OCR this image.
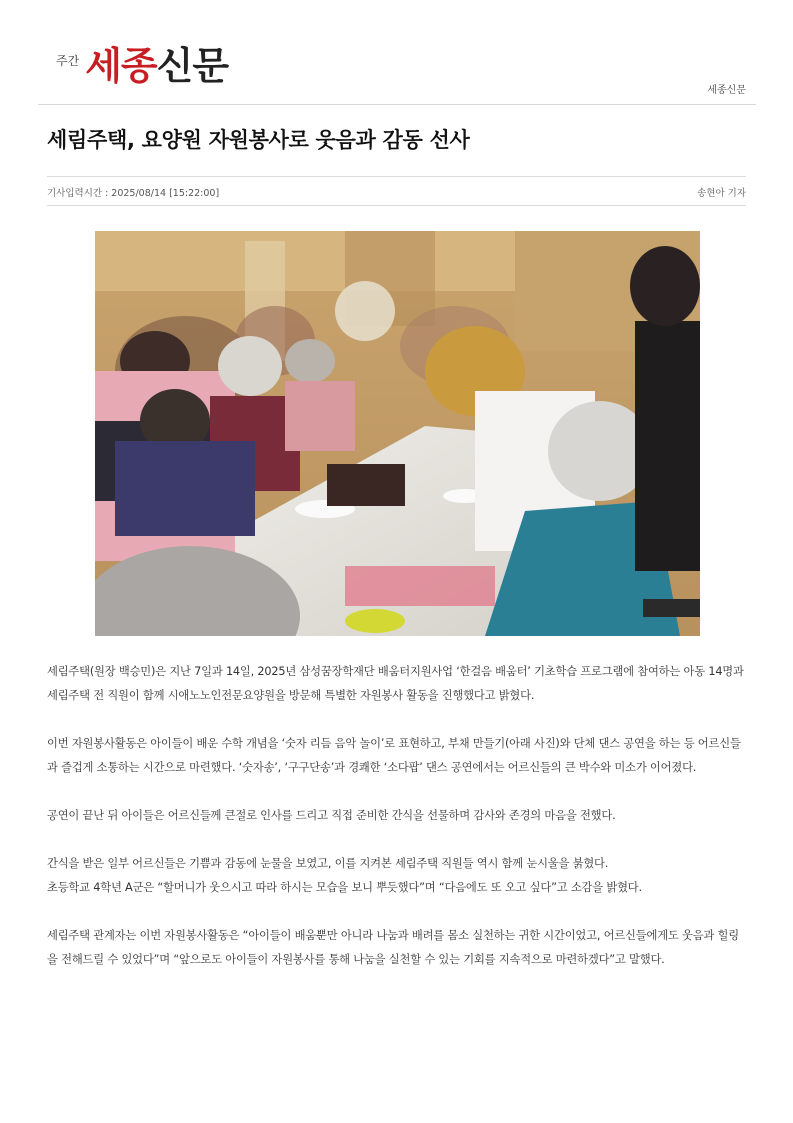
주간 세종신문
세종신문
세림주택, 요양원 자원봉사로 웃음과 감동 선사
기사입력시간 : 2025/08/14 [15:22:00]	송현아 기자

세림주택(원장 백승민)은 지난 7일과 14일, 2025년 삼성꿈장학재단 배움터지원사업 ‘한걸음 배움터’ 기초학습 프로그램에 참여하는 아동 14명과 세림주택 전 직원이 함께 시애노노인전문요양원을 방문해 특별한 자원봉사 활동을 진행했다고 밝혔다.

이번 자원봉사활동은 아이들이 배운 수학 개념을 ‘숫자 리듬 음악 놀이’로 표현하고, 부채 만들기(아래 사진)와 단체 댄스 공연을 하는 등 어르신들과 즐겁게 소통하는 시간으로 마련했다. ‘숫자송’, ‘구구단송’과 경쾌한 ‘소다팝’ 댄스 공연에서는 어르신들의 큰 박수와 미소가 이어졌다.

공연이 끝난 뒤 아이들은 어르신들께 큰절로 인사를 드리고 직접 준비한 간식을 선물하며 감사와 존경의 마음을 전했다.

간식을 받은 일부 어르신들은 기쁨과 감동에 눈물을 보였고, 이를 지켜본 세림주택 직원들 역시 함께 눈시울을 붉혔다.

초등학교 4학년 A군은 “할머니가 웃으시고 따라 하시는 모습을 보니 뿌듯했다”며 “다음에도 또 오고 싶다”고 소감을 밝혔다.

세림주택 관계자는 이번 자원봉사활동은 “아이들이 배움뿐만 아니라 나눔과 배려를 몸소 실천하는 귀한 시간이었고, 어르신들에게도 웃음과 힐링을 전해드릴 수 있었다”며 “앞으로도 아이들이 자원봉사를 통해 나눔을 실천할 수 있는 기회를 지속적으로 마련하겠다”고 말했다.
